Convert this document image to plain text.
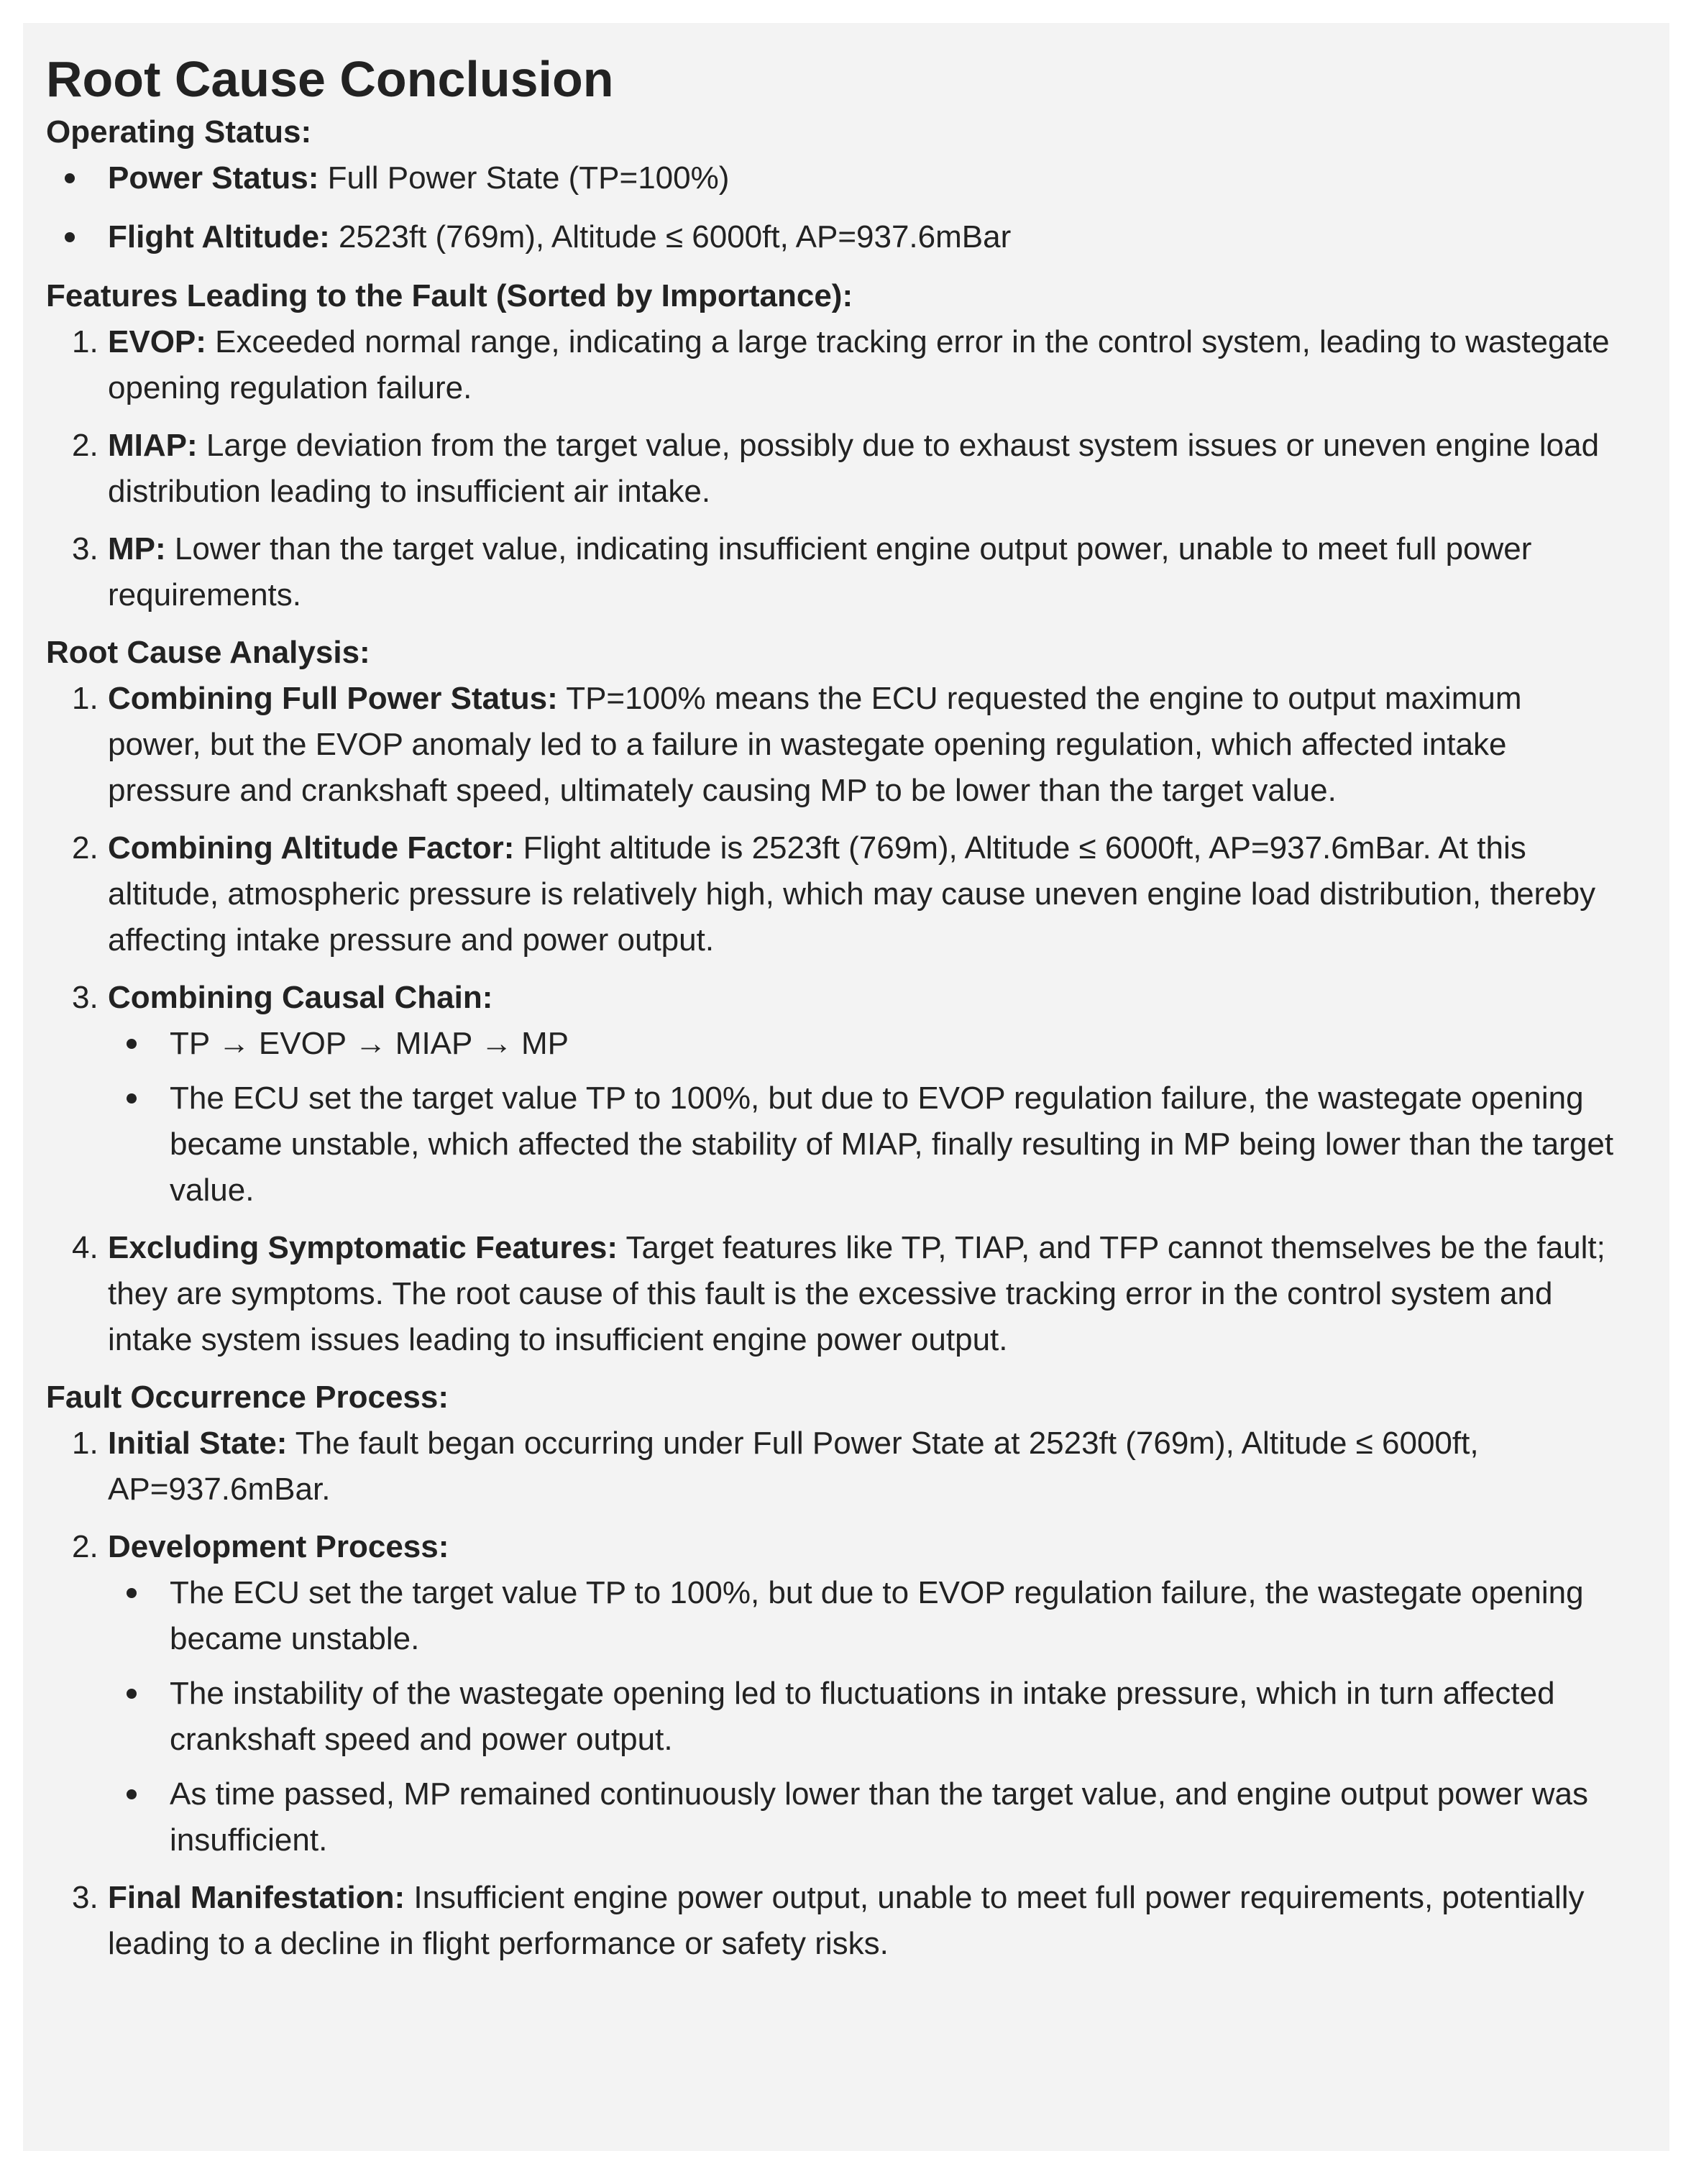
Root Cause Conclusion
Operating Status:
Power Status: Full Power State (TP=100%)
Flight Altitude: 2523ft (769m), Altitude ≤ 6000ft, AP=937.6mBar
Features Leading to the Fault (Sorted by Importance):
1. EVOP: Exceeded normal range, indicating a large tracking error in the control system, leading to wastegate opening regulation failure.
2. MIAP: Large deviation from the target value, possibly due to exhaust system issues or uneven engine load distribution leading to insufficient air intake.
3. MP: Lower than the target value, indicating insufficient engine output power, unable to meet full power requirements.
Root Cause Analysis:
1. Combining Full Power Status: TP=100% means the ECU requested the engine to output maximum power, but the EVOP anomaly led to a failure in wastegate opening regulation, which affected intake pressure and crankshaft speed, ultimately causing MP to be lower than the target value.
2. Combining Altitude Factor: Flight altitude is 2523ft (769m), Altitude ≤ 6000ft, AP=937.6mBar. At this altitude, atmospheric pressure is relatively high, which may cause uneven engine load distribution, thereby affecting intake pressure and power output.
3. Combining Causal Chain:
TP → EVOP → MIAP → MP
The ECU set the target value TP to 100%, but due to EVOP regulation failure, the wastegate opening became unstable, which affected the stability of MIAP, finally resulting in MP being lower than the target value.
4. Excluding Symptomatic Features: Target features like TP, TIAP, and TFP cannot themselves be the fault; they are symptoms. The root cause of this fault is the excessive tracking error in the control system and intake system issues leading to insufficient engine power output.
Fault Occurrence Process:
1. Initial State: The fault began occurring under Full Power State at 2523ft (769m), Altitude ≤ 6000ft, AP=937.6mBar.
2. Development Process:
The ECU set the target value TP to 100%, but due to EVOP regulation failure, the wastegate opening became unstable.
The instability of the wastegate opening led to fluctuations in intake pressure, which in turn affected crankshaft speed and power output.
As time passed, MP remained continuously lower than the target value, and engine output power was insufficient.
3. Final Manifestation: Insufficient engine power output, unable to meet full power requirements, potentially leading to a decline in flight performance or safety risks.
